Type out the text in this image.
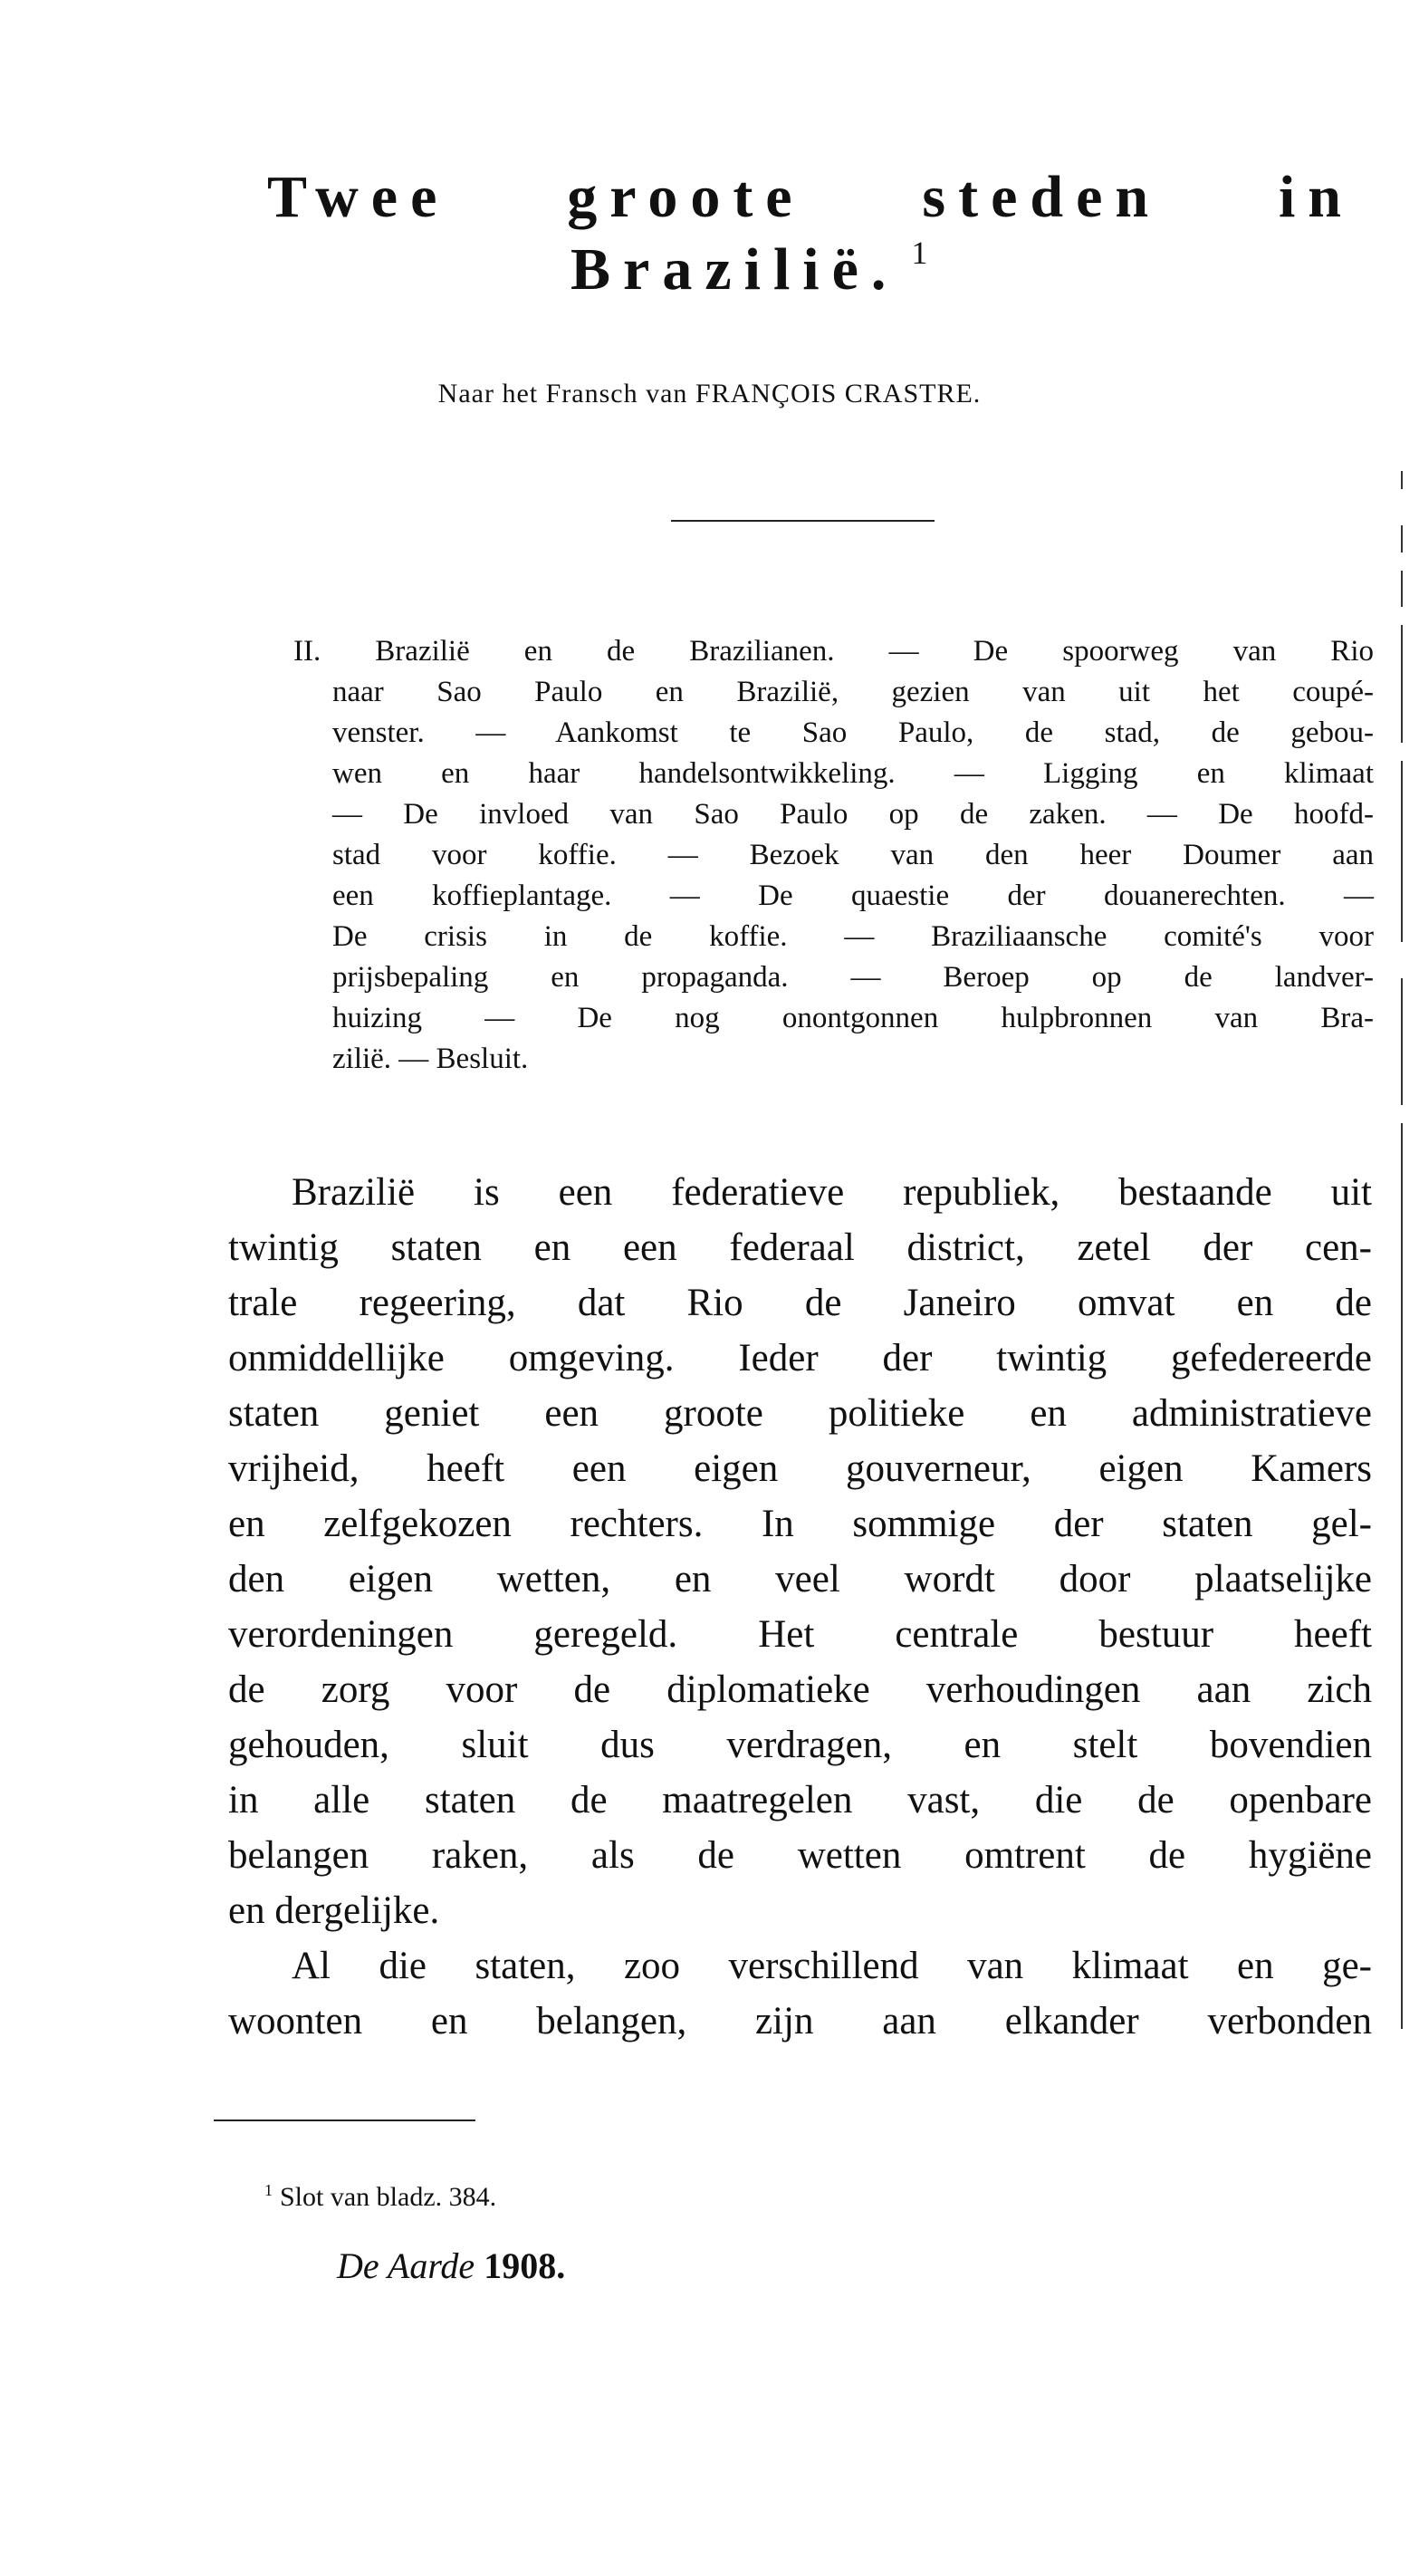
Twee groote steden in
Braziliё. $^1$
Naar het Fransch van FRANÇOIS CRASTRE.
II. Braziliё en de Brazilianen. — De spoorweg van Rio
naar Sao Paulo en Braziliё, gezien van uit het coupé-
venster. — Aankomst te Sao Paulo, de stad, de gebou-
wen en haar handelsontwikkeling. — Ligging en klimaat
— De invloed van Sao Paulo op de zaken. — De hoofd-
stad voor koffie. — Bezoek van den heer Doumer aan
een koffieplantage. — De quaestie der douanerechten. —
De crisis in de koffie. — Braziliaansche comité's voor
prijsbepaling en propaganda. — Beroep op de landver-
huizing — De nog onontgonnen hulpbronnen van Bra-
ziliё. — Besluit.
Braziliё is een federatieve republiek, bestaande uit
twintig staten en een federaal district, zetel der cen-
trale regeering, dat Rio de Janeiro omvat en de
onmiddellijke omgeving. Ieder der twintig gefedereerde
staten geniet een groote politieke en administratieve
vrijheid, heeft een eigen gouverneur, eigen Kamers
en zelfgekozen rechters. In sommige der staten gel-
den eigen wetten, en veel wordt door plaatselijke
verordeningen geregeld. Het centrale bestuur heeft
de zorg voor de diplomatieke verhoudingen aan zich
gehouden, sluit dus verdragen, en stelt bovendien
in alle staten de maatregelen vast, die de openbare
belangen raken, als de wetten omtrent de hygiёne
en dergelijke.
Al die staten, zoo verschillend van klimaat en ge-
woonten en belangen, zijn aan elkander verbonden
$^1$ Slot van bladz. 384.
De Aarde 1908.
